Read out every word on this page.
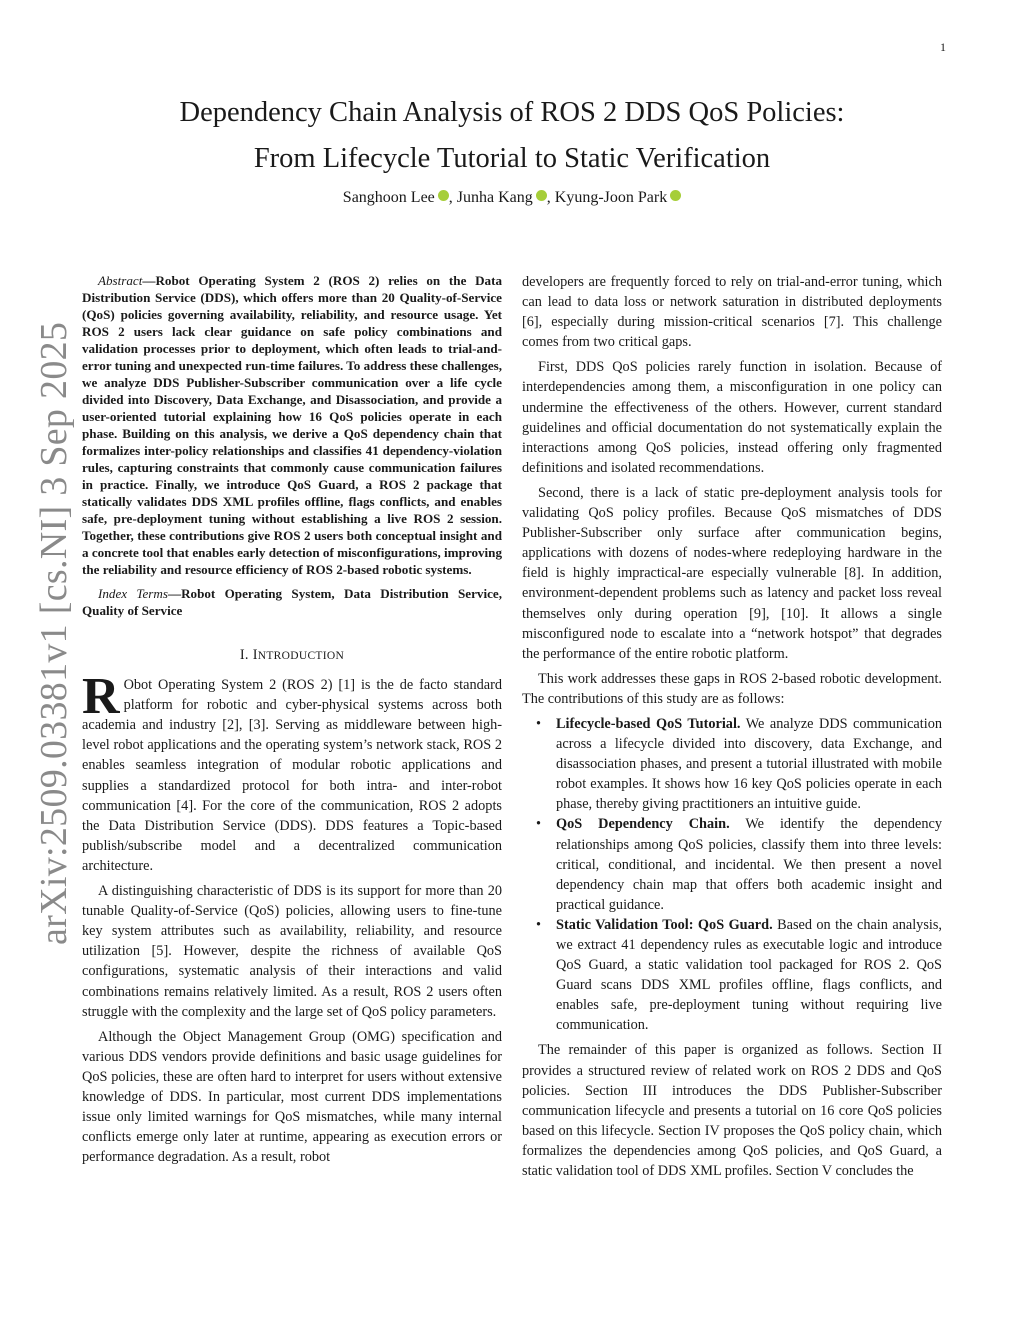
1
arXiv:2509.03381v1 [cs.NI] 3 Sep 2025
Dependency Chain Analysis of ROS 2 DDS QoS Policies:
From Lifecycle Tutorial to Static Verification
Sanghoon Lee , Junha Kang , Kyung-Joon Park

Abstract—Robot Operating System 2 (ROS 2) relies on the Data Distribution Service (DDS), which offers more than 20 Quality-of-Service (QoS) policies governing availability, reliability, and resource usage. Yet ROS 2 users lack clear guidance on safe policy combinations and validation processes prior to deployment, which often leads to trial-and-error tuning and unexpected run-time failures. To address these challenges, we analyze DDS Publisher-Subscriber communication over a life cycle divided into Discovery, Data Exchange, and Disassociation, and provide a user-oriented tutorial explaining how 16 QoS policies operate in each phase. Building on this analysis, we derive a QoS dependency chain that formalizes inter-policy relationships and classifies 41 dependency-violation rules, capturing constraints that commonly cause communication failures in practice. Finally, we introduce QoS Guard, a ROS 2 package that statically validates DDS XML profiles offline, flags conflicts, and enables safe, pre-deployment tuning without establishing a live ROS 2 session. Together, these contributions give ROS 2 users both conceptual insight and a concrete tool that enables early detection of misconfigurations, improving the reliability and resource efficiency of ROS 2-based robotic systems.

Index Terms—Robot Operating System, Data Distribution Service, Quality of Service

I. INTRODUCTION

R Obot Operating System 2 (ROS 2) [1] is the de facto standard platform for robotic and cyber-physical systems across both academia and industry [2], [3]. Serving as middleware between high-level robot applications and the operating system’s network stack, ROS 2 enables seamless integration of modular robotic applications and supplies a standardized protocol for both intra- and inter-robot communication [4]. For the core of the communication, ROS 2 adopts the Data Distribution Service (DDS). DDS features a Topic-based publish/subscribe model and a decentralized communication architecture.

A distinguishing characteristic of DDS is its support for more than 20 tunable Quality-of-Service (QoS) policies, allowing users to fine-tune key system attributes such as availability, reliability, and resource utilization [5]. However, despite the richness of available QoS configurations, systematic analysis of their interactions and valid combinations remains relatively limited. As a result, ROS 2 users often struggle with the complexity and the large set of QoS policy parameters.

Although the Object Management Group (OMG) specification and various DDS vendors provide definitions and basic usage guidelines for QoS policies, these are often hard to interpret for users without extensive knowledge of DDS. In particular, most current DDS implementations issue only limited warnings for QoS mismatches, while many internal conflicts emerge only later at runtime, appearing as execution errors or performance degradation. As a result, robot

developers are frequently forced to rely on trial-and-error tuning, which can lead to data loss or network saturation in distributed deployments [6], especially during mission-critical scenarios [7]. This challenge comes from two critical gaps.

First, DDS QoS policies rarely function in isolation. Because of interdependencies among them, a misconfiguration in one policy can undermine the effectiveness of the others. However, current standard guidelines and official documentation do not systematically explain the interactions among QoS policies, instead offering only fragmented definitions and isolated recommendations.

Second, there is a lack of static pre-deployment analysis tools for validating QoS policy profiles. Because QoS mismatches of DDS Publisher-Subscriber only surface after communication begins, applications with dozens of nodes-where redeploying hardware in the field is highly impractical-are especially vulnerable [8]. In addition, environment-dependent problems such as latency and packet loss reveal themselves only during operation [9], [10]. It allows a single misconfigured node to escalate into a “network hotspot” that degrades the performance of the entire robotic platform.

This work addresses these gaps in ROS 2-based robotic development. The contributions of this study are as follows:

• Lifecycle-based QoS Tutorial. We analyze DDS communication across a lifecycle divided into discovery, data Exchange, and disassociation phases, and present a tutorial illustrated with mobile robot examples. It shows how 16 key QoS policies operate in each phase, thereby giving practitioners an intuitive guide.
• QoS Dependency Chain. We identify the dependency relationships among QoS policies, classify them into three levels: critical, conditional, and incidental. We then present a novel dependency chain map that offers both academic insight and practical guidance.
• Static Validation Tool: QoS Guard. Based on the chain analysis, we extract 41 dependency rules as executable logic and introduce QoS Guard, a static validation tool packaged for ROS 2. QoS Guard scans DDS XML profiles offline, flags conflicts, and enables safe, pre-deployment tuning without requiring live communication.

The remainder of this paper is organized as follows. Section II provides a structured review of related work on ROS 2 DDS and QoS policies. Section III introduces the DDS Publisher-Subscriber communication lifecycle and presents a tutorial on 16 core QoS policies based on this lifecycle. Section IV proposes the QoS policy chain, which formalizes the dependencies among QoS policies, and QoS Guard, a static validation tool of DDS XML profiles. Section V concludes the
